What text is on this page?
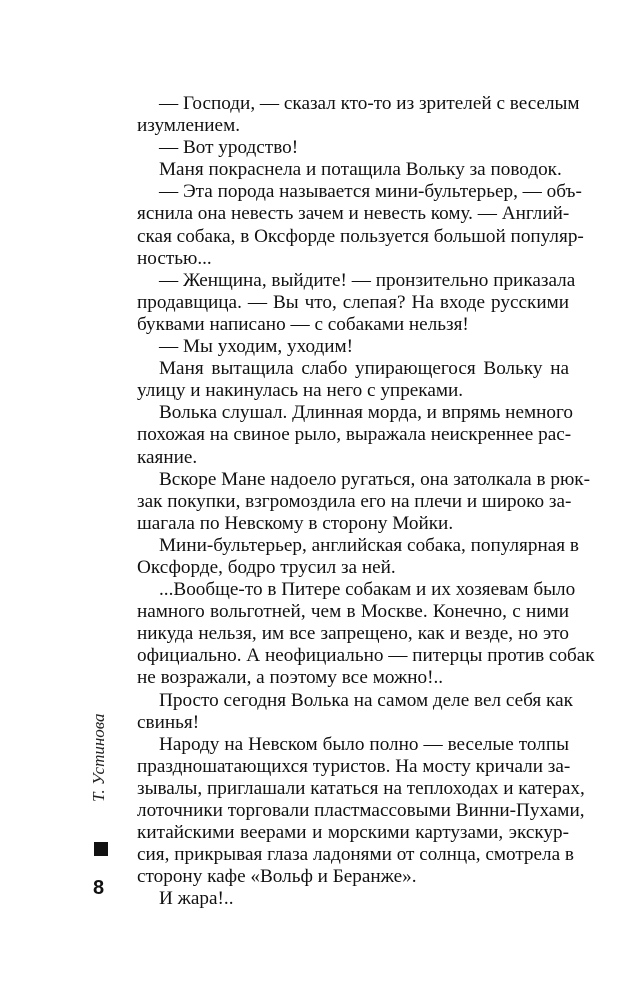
— Господи, — сказал кто-то из зрителей с веселым
изумлением.
— Вот уродство!
Маня покраснела и потащила Вольку за поводок.
— Эта порода называется мини-бультерьер, — объ-
яснила она невесть зачем и невесть кому. — Англий-
ская собака, в Оксфорде пользуется большой популяр-
ностью...
— Женщина, выйдите! — пронзительно приказала
продавщица. — Вы что, слепая? На входе русскими
буквами написано — с собаками нельзя!
— Мы уходим, уходим!
Маня вытащила слабо упирающегося Вольку на
улицу и накинулась на него с упреками.
Волька слушал. Длинная морда, и впрямь немного
похожая на свиное рыло, выражала неискреннее рас-
каяние.
Вскоре Мане надоело ругаться, она затолкала в рюк-
зак покупки, взгромоздила его на плечи и широко за-
шагала по Невскому в сторону Мойки.
Мини-бультерьер, английская собака, популярная в
Оксфорде, бодро трусил за ней.
...Вообще-то в Питере собакам и их хозяевам было
намного вольготней, чем в Москве. Конечно, с ними
никуда нельзя, им все запрещено, как и везде, но это
официально. А неофициально — питерцы против собак
не возражали, а поэтому все можно!..
Просто сегодня Волька на самом деле вел себя как
свинья!
Народу на Невском было полно — веселые толпы
праздношатающихся туристов. На мосту кричали за-
зывалы, приглашали кататься на теплоходах и катерах,
лоточники торговали пластмассовыми Винни-Пухами,
китайскими веерами и морскими картузами, экскур-
сия, прикрывая глаза ладонями от солнца, смотрела в
сторону кафе «Вольф и Беранже».
И жара!..
Т. Устинова
8
